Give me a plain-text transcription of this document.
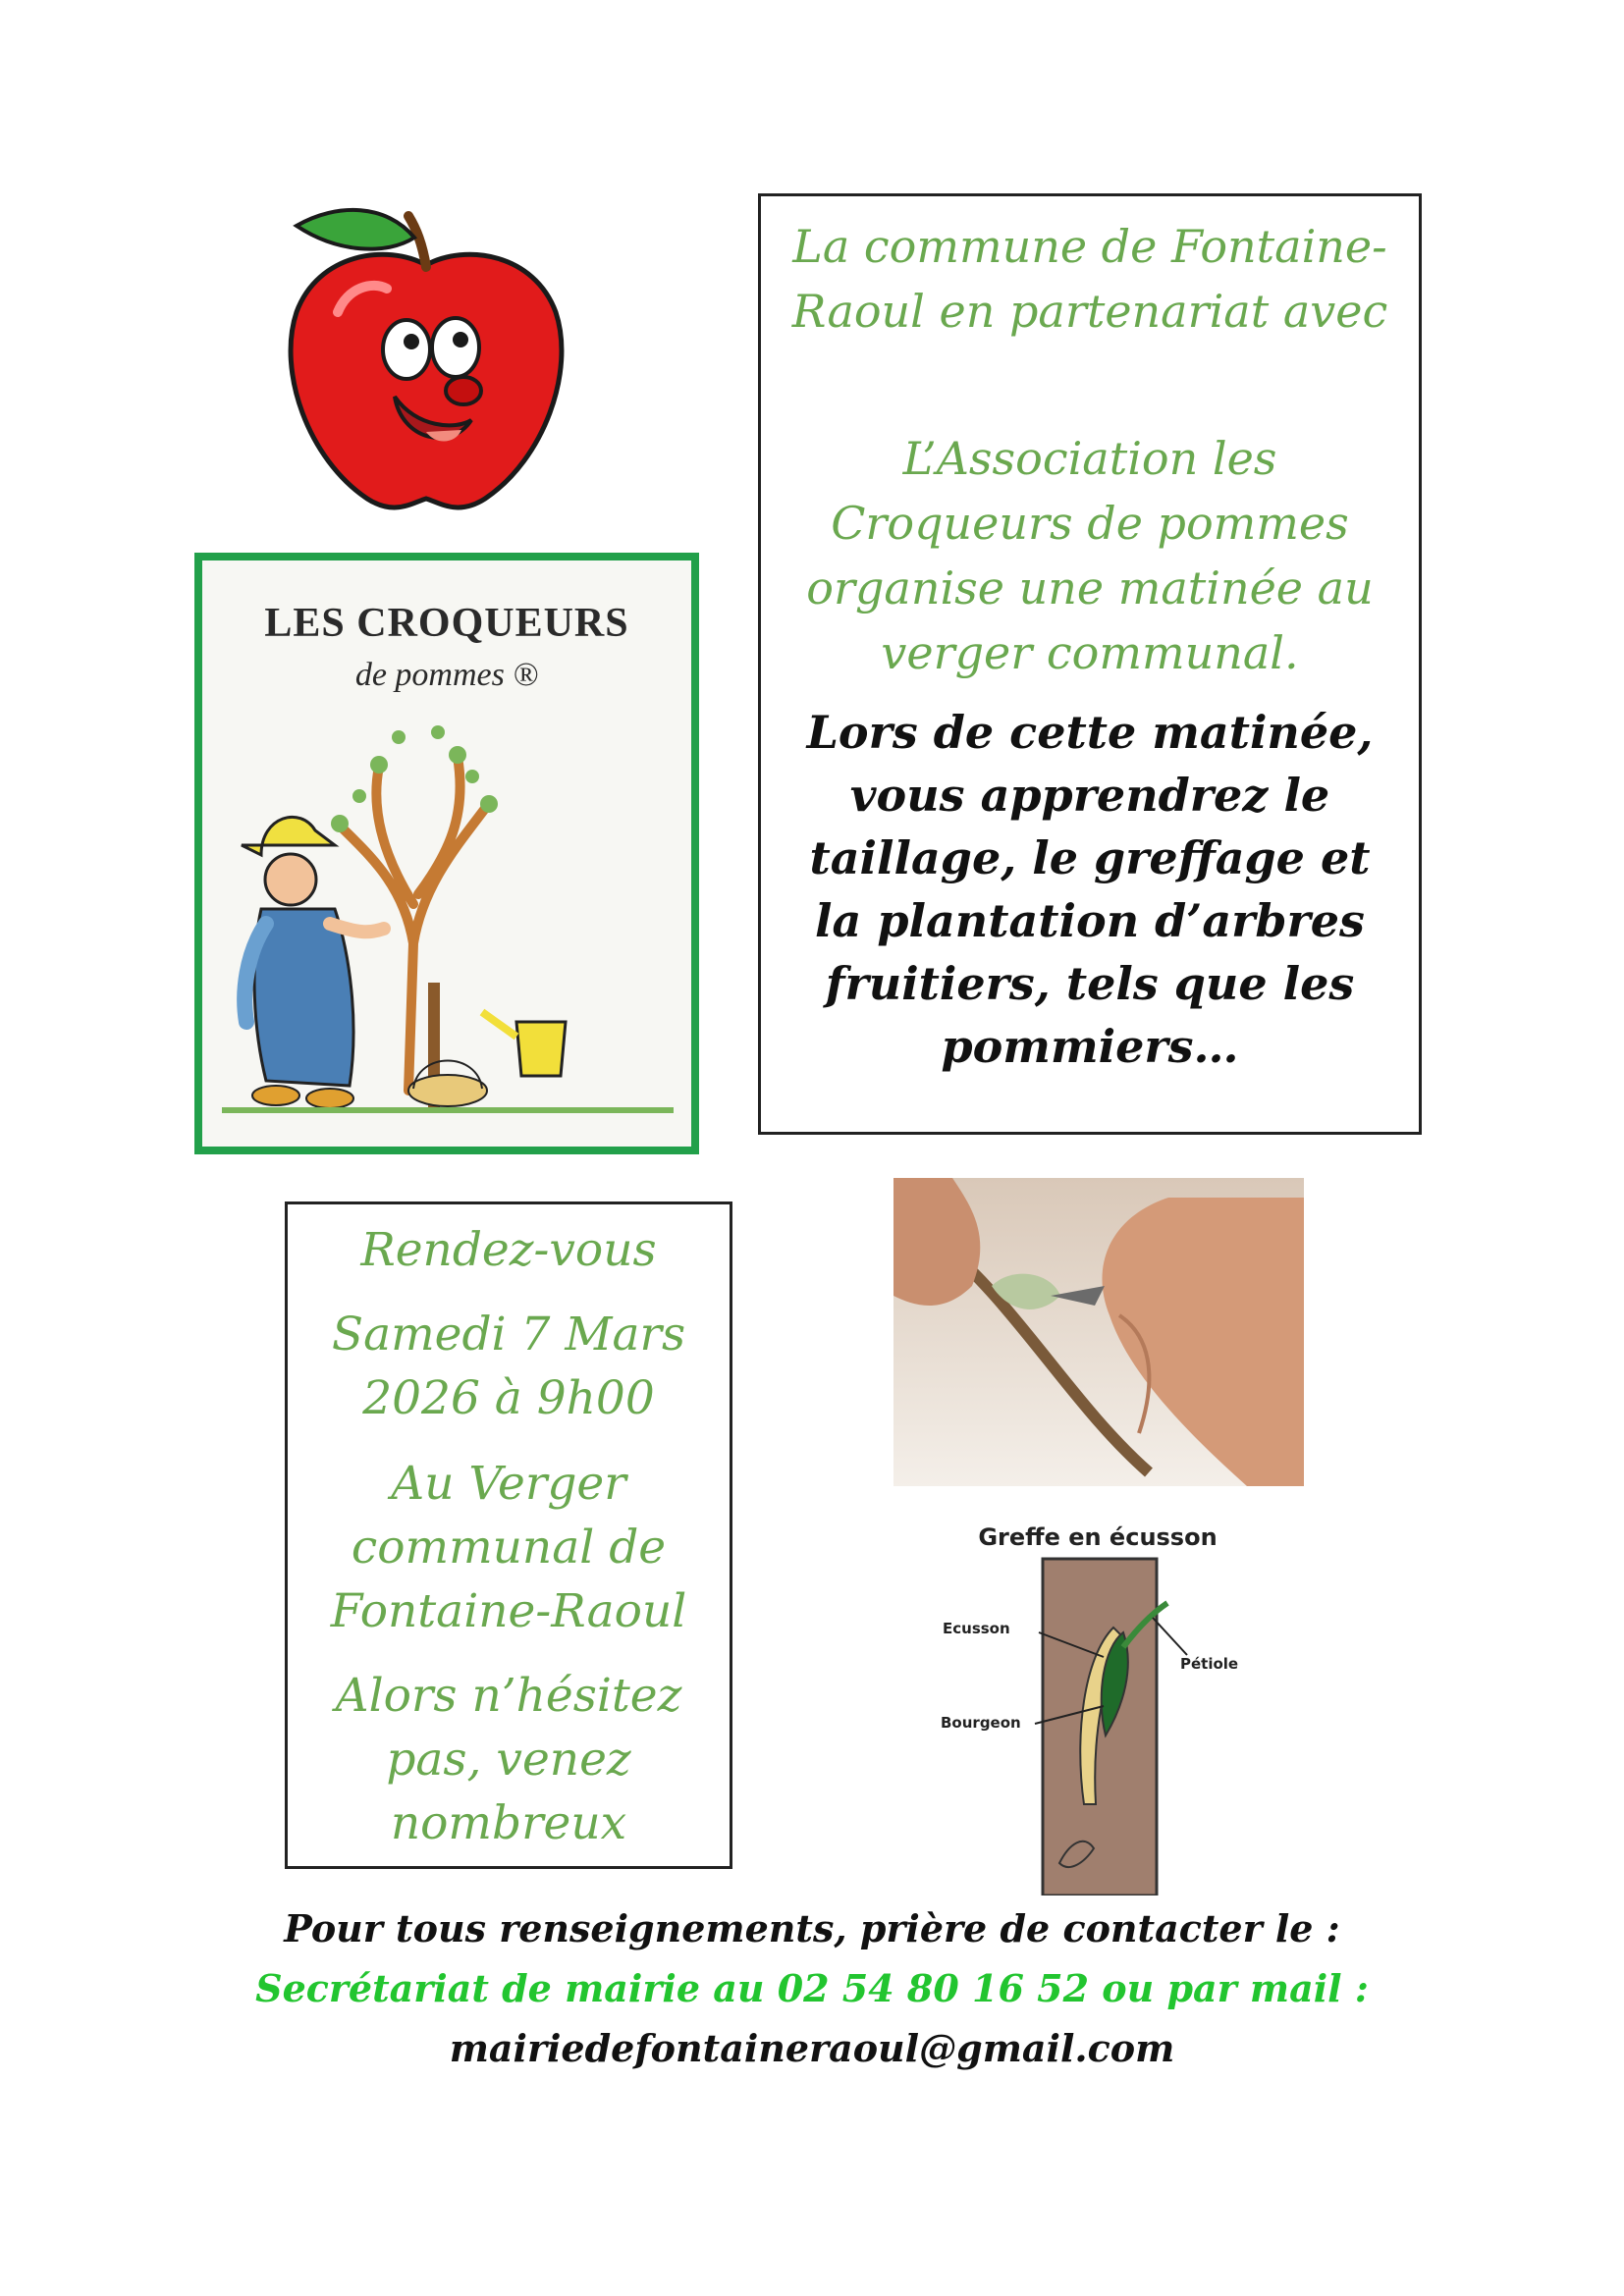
LES CROQUEURS
de pommes ®

La commune de Fontaine-Raoul en partenariat avec

L’Association les Croqueurs de pommes organise une matinée au verger communal.

Lors de cette matinée, vous apprendrez le taillage, le greffage et la plantation d’arbres fruitiers, tels que les pommiers…

Rendez-vous

Samedi 7 Mars 2026 à 9h00

Au Verger communal de Fontaine-Raoul

Alors n’hésitez pas, venez nombreux

Greffe en écusson
Ecusson
Pétiole
Bourgeon
Pour tous renseignements, prière de contacter le :
Secrétariat de mairie au 02 54 80 16 52 ou par mail :
mairiedefontaineraoul@gmail.com
